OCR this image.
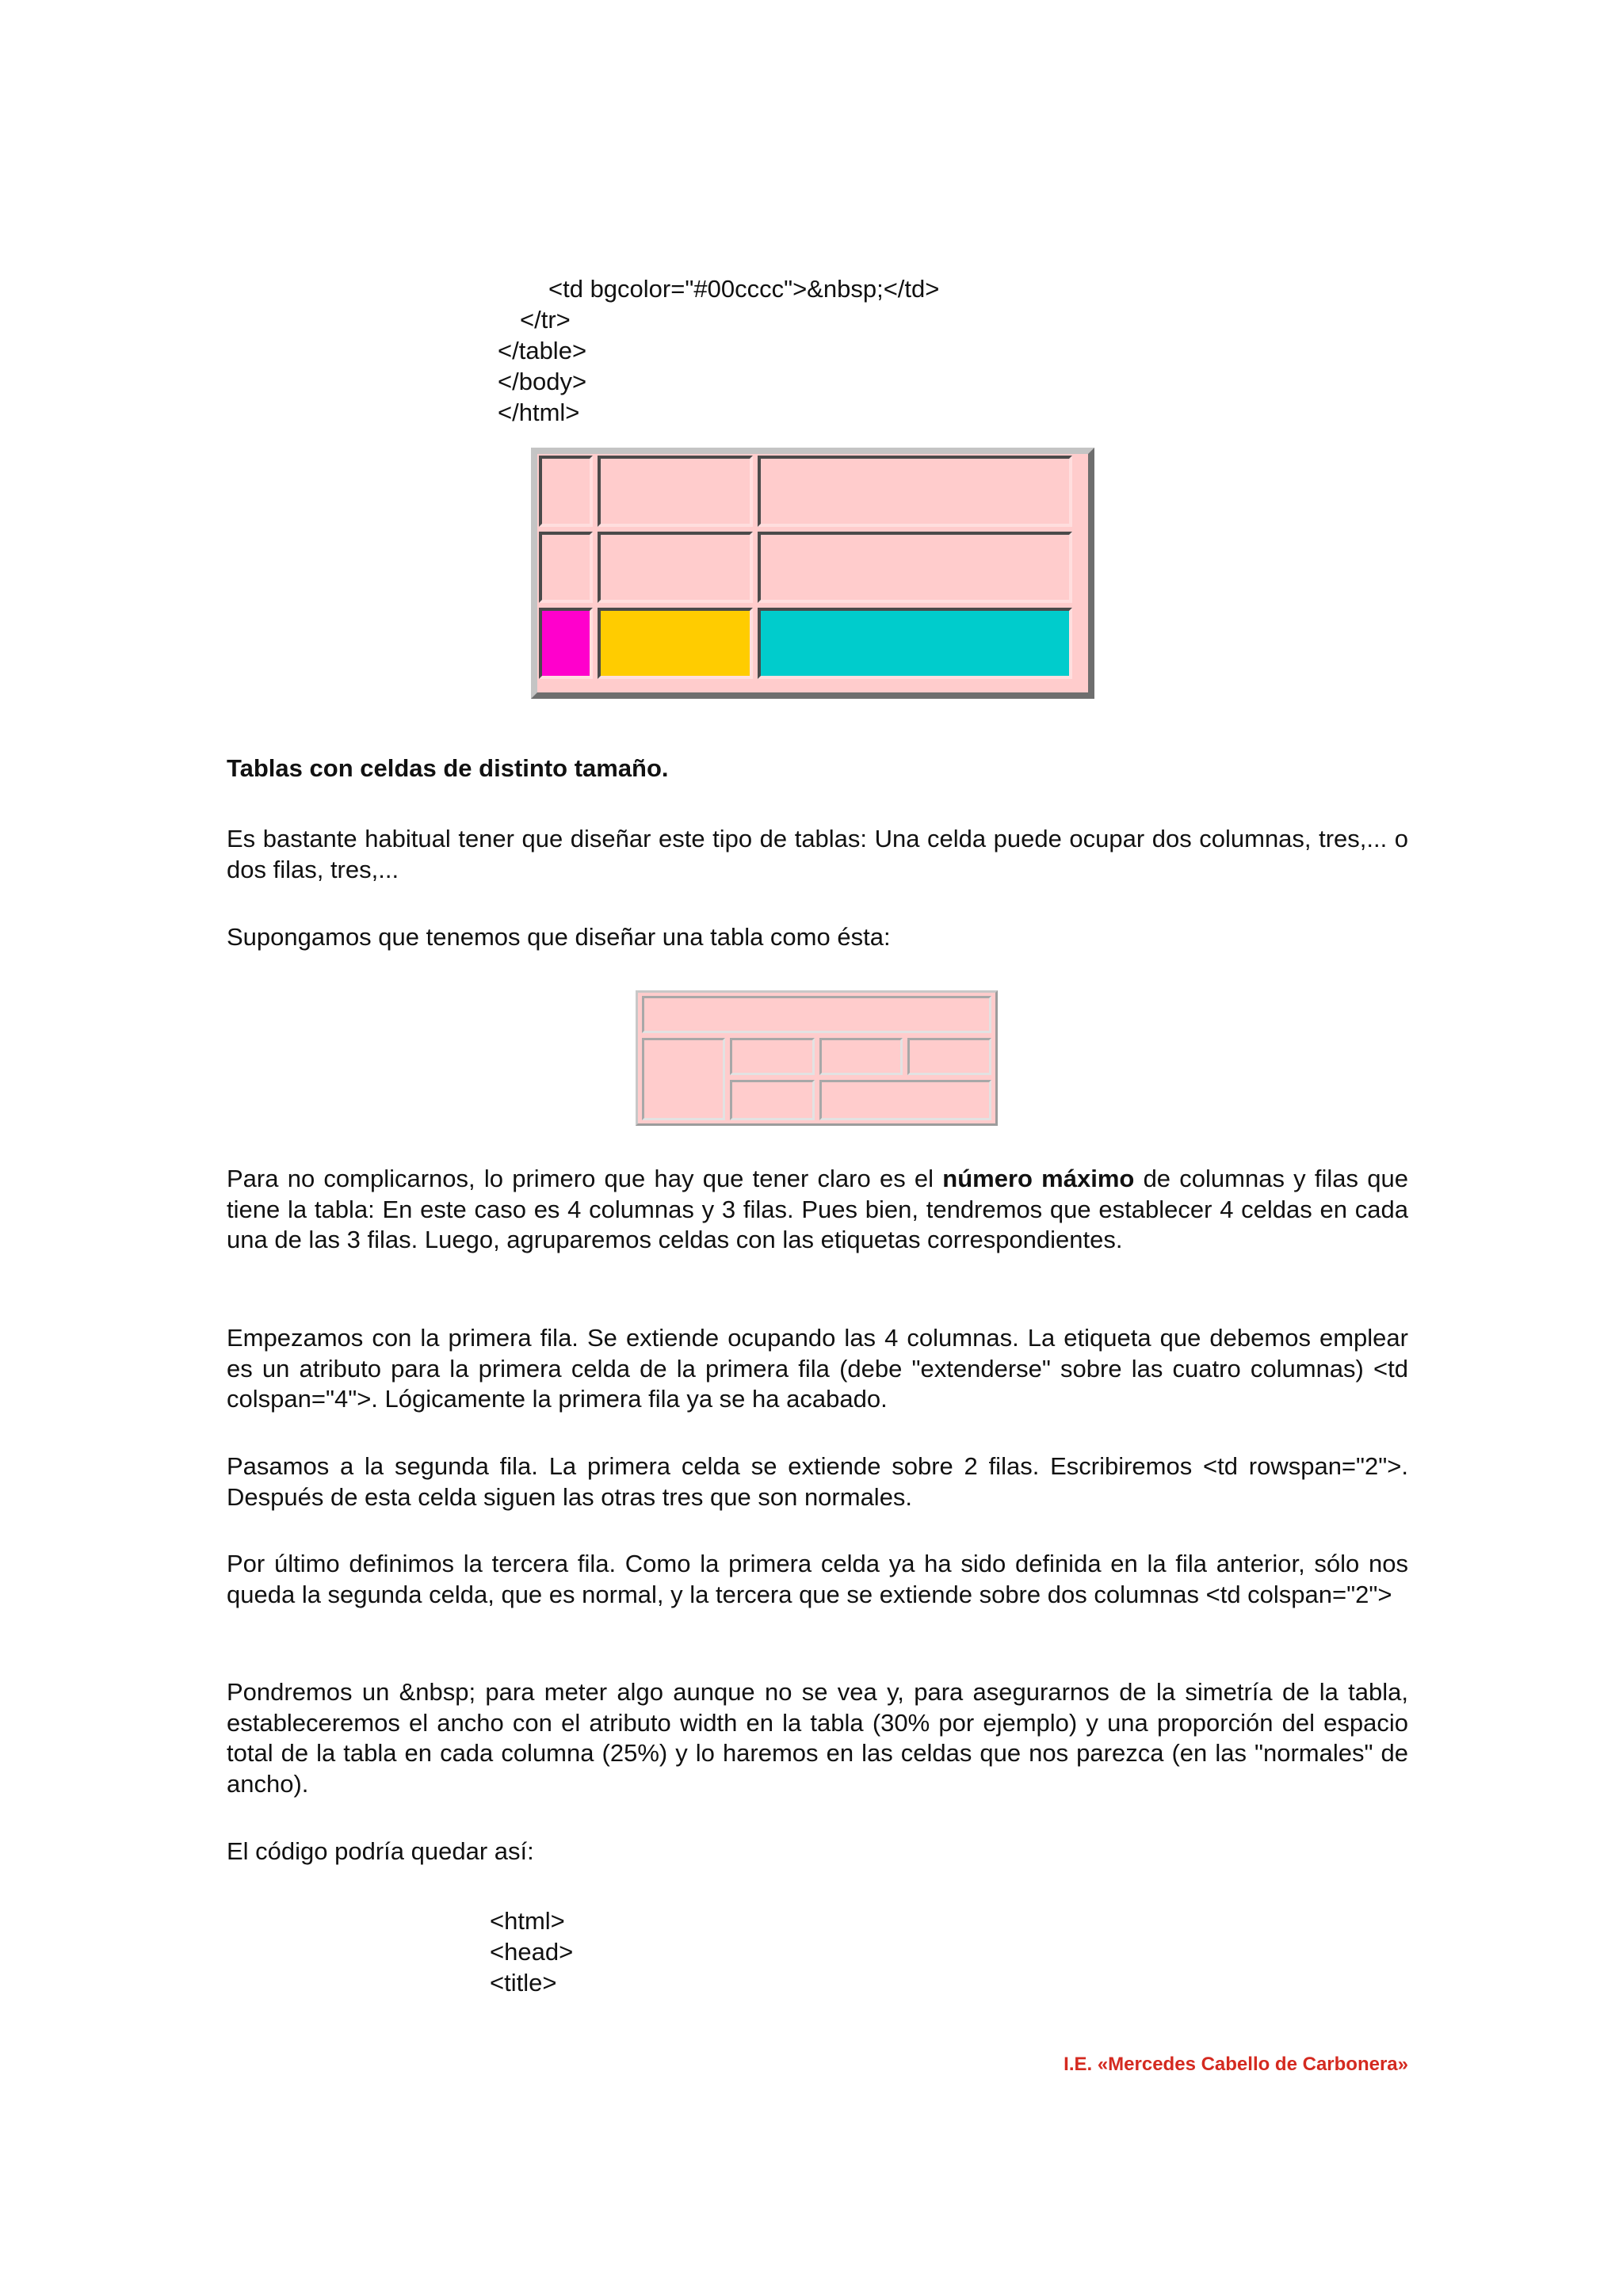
<td bgcolor="#00cccc">&nbsp;</td>
</tr>
</table>
</body>
</html>
Tablas con celdas de distinto tamaño.

Es bastante habitual tener que diseñar este tipo de tablas: Una celda puede ocupar dos columnas, tres,... o dos filas, tres,...

Supongamos que tenemos que diseñar una tabla como ésta:

Para no complicarnos, lo primero que hay que tener claro es el número máximo de columnas y filas que tiene la tabla: En este caso es 4 columnas y 3 filas. Pues bien, tendremos que establecer 4 celdas en cada una de las 3 filas. Luego, agruparemos celdas con las etiquetas correspondientes.

Empezamos con la primera fila. Se extiende ocupando las 4 columnas. La etiqueta que debemos emplear es un atributo para la primera celda de la primera fila (debe "extenderse" sobre las cuatro columnas) <td colspan="4">. Lógicamente la primera fila ya se ha acabado.

Pasamos a la segunda fila. La primera celda se extiende sobre 2 filas. Escribiremos <td rowspan="2">. Después de esta celda siguen las otras tres que son normales.

Por último definimos la tercera fila. Como la primera celda ya ha sido definida en la fila anterior, sólo nos queda la segunda celda, que es normal, y la tercera que se extiende sobre dos columnas <td colspan="2">

Pondremos un &nbsp; para meter algo aunque no se vea y, para asegurarnos de la simetría de la tabla, estableceremos el ancho con el atributo width en la tabla (30% por ejemplo) y una proporción del espacio total de la tabla en cada columna (25%) y lo haremos en las celdas que nos parezca (en las "normales" de ancho).

El código podría quedar así:

<html>
<head>
<title>
I.E. «Mercedes Cabello de Carbonera»
